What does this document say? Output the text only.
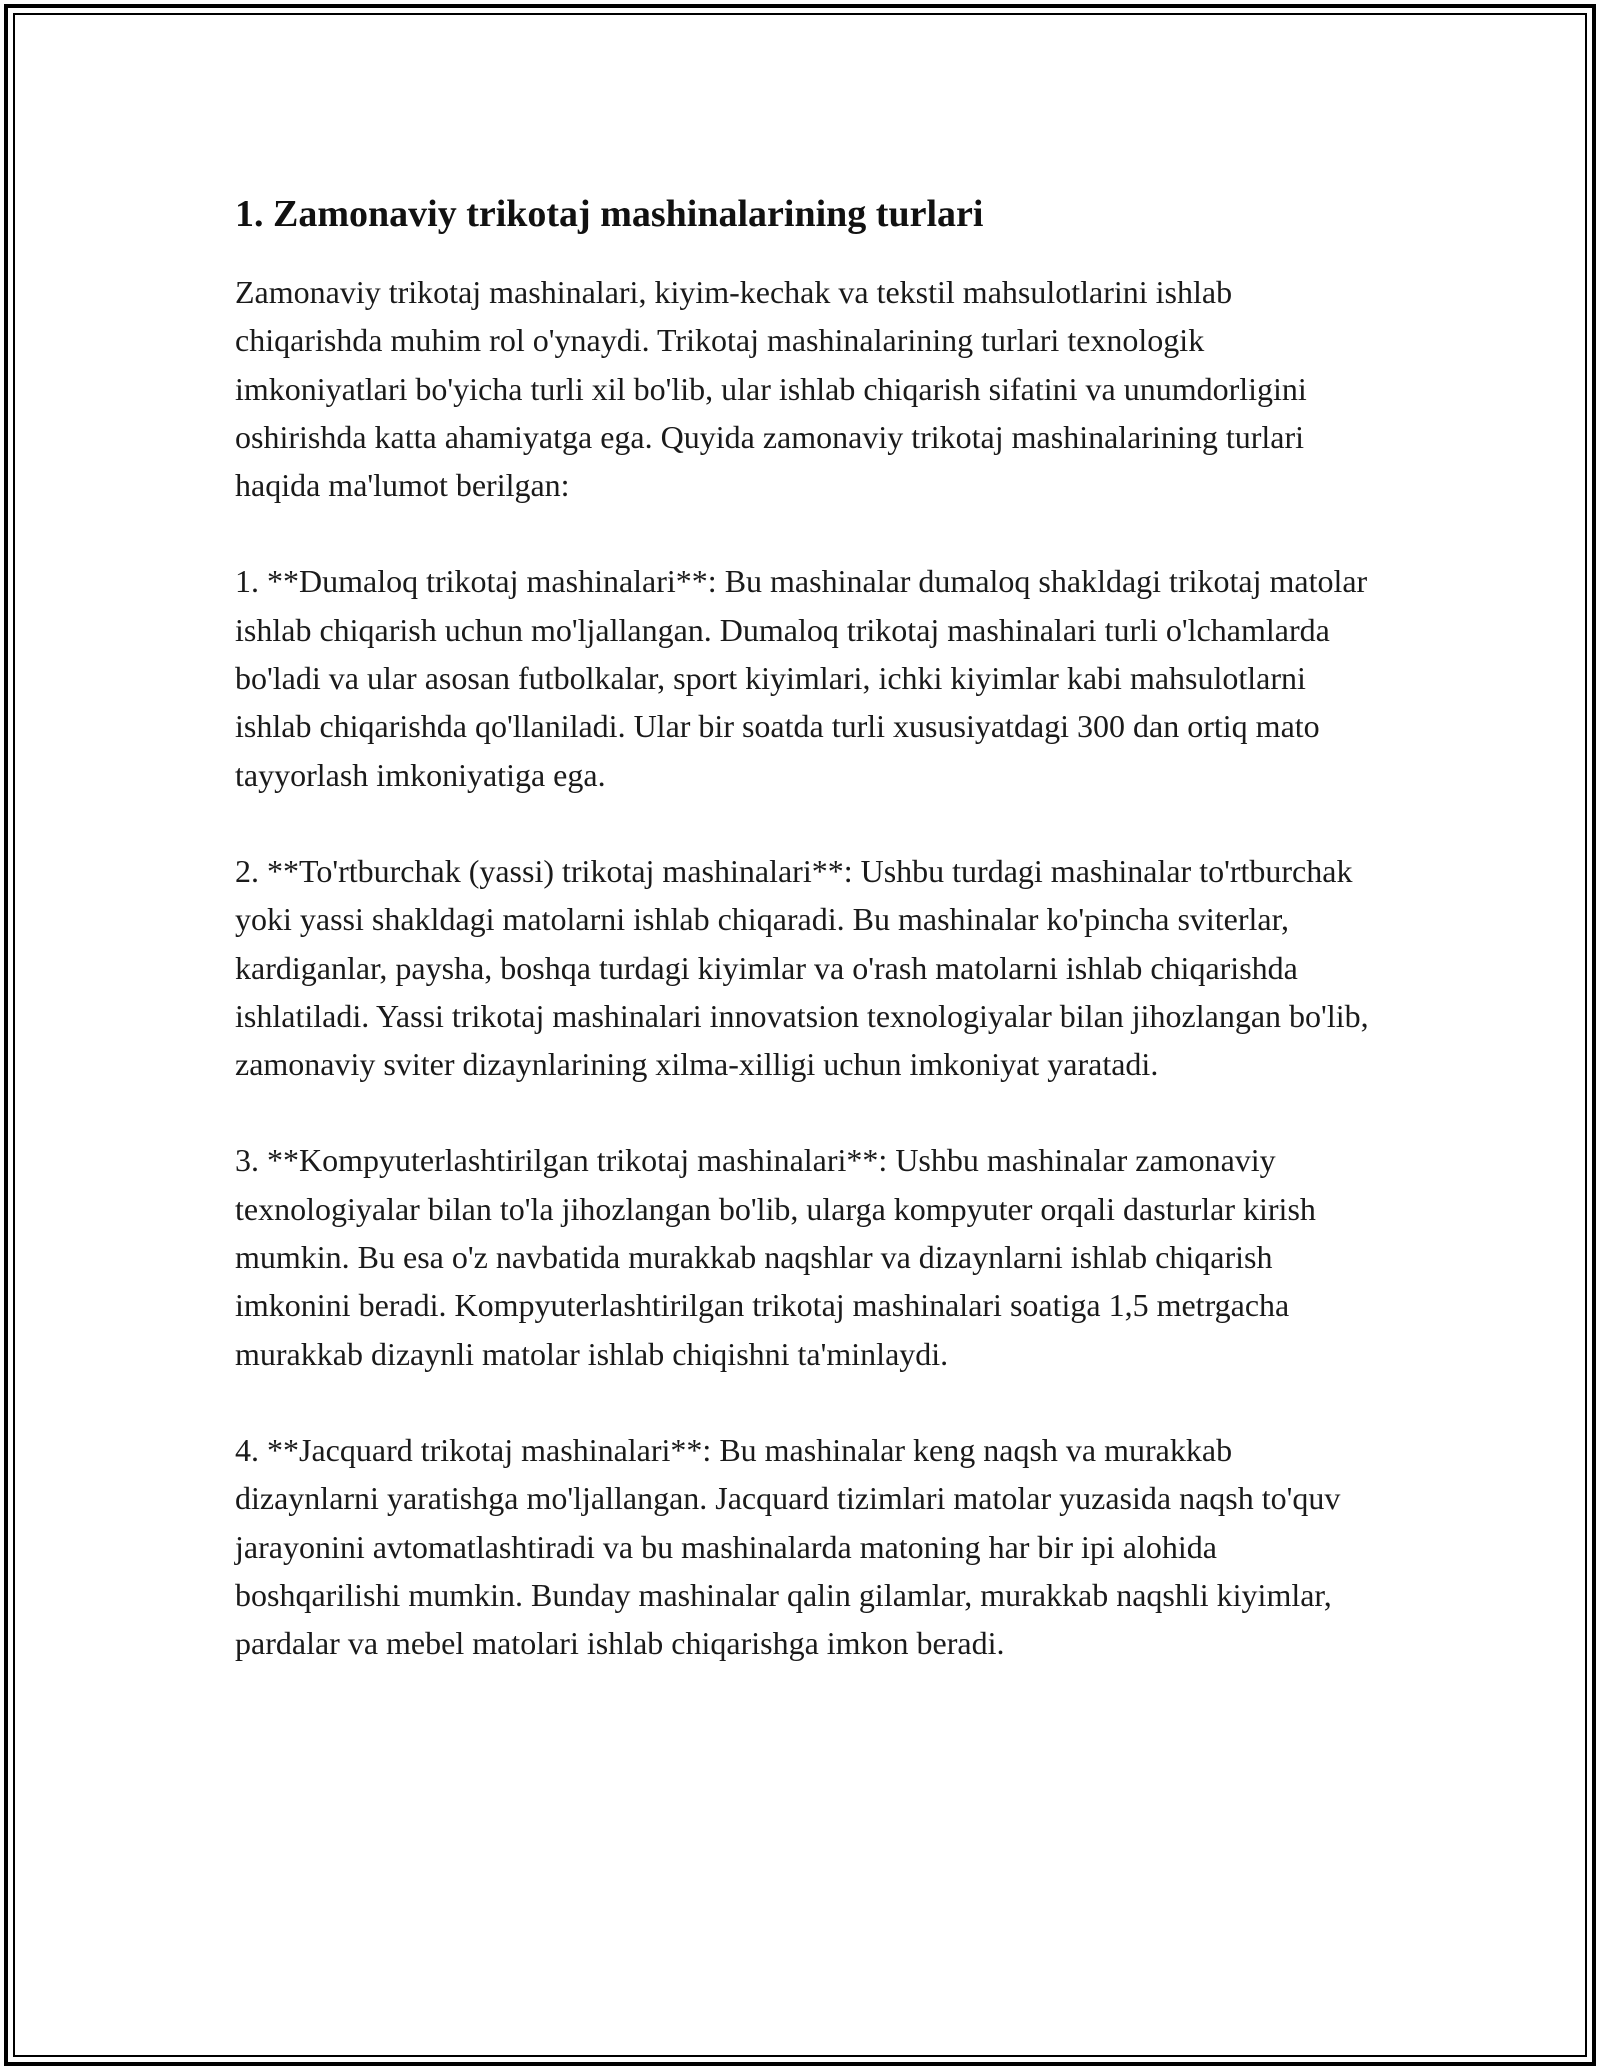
1. Zamonaviy trikotaj mashinalarining turlari

Zamonaviy trikotaj mashinalari, kiyim-kechak va tekstil mahsulotlarini ishlab chiqarishda muhim rol o'ynaydi. Trikotaj mashinalarining turlari texnologik imkoniyatlari bo'yicha turli xil bo'lib, ular ishlab chiqarish sifatini va unumdorligini oshirishda katta ahamiyatga ega. Quyida zamonaviy trikotaj mashinalarining turlari haqida ma'lumot berilgan:

1. **Dumaloq trikotaj mashinalari**: Bu mashinalar dumaloq shakldagi trikotaj matolar ishlab chiqarish uchun mo'ljallangan. Dumaloq trikotaj mashinalari turli o'lchamlarda bo'ladi va ular asosan futbolkalar, sport kiyimlari, ichki kiyimlar kabi mahsulotlarni ishlab chiqarishda qo'llaniladi. Ular bir soatda turli xususiyatdagi 300 dan ortiq mato tayyorlash imkoniyatiga ega.

2. **To'rtburchak (yassi) trikotaj mashinalari**: Ushbu turdagi mashinalar to'rtburchak yoki yassi shakldagi matolarni ishlab chiqaradi. Bu mashinalar ko'pincha sviterlar, kardiganlar, paysha, boshqa turdagi kiyimlar va o'rash matolarni ishlab chiqarishda ishlatiladi. Yassi trikotaj mashinalari innovatsion texnologiyalar bilan jihozlangan bo'lib, zamonaviy sviter dizaynlarining xilma-xilligi uchun imkoniyat yaratadi.

3. **Kompyuterlashtirilgan trikotaj mashinalari**: Ushbu mashinalar zamonaviy texnologiyalar bilan to'la jihozlangan bo'lib, ularga kompyuter orqali dasturlar kirish mumkin. Bu esa o'z navbatida murakkab naqshlar va dizaynlarni ishlab chiqarish imkonini beradi. Kompyuterlashtirilgan trikotaj mashinalari soatiga 1,5 metrgacha murakkab dizaynli matolar ishlab chiqishni ta'minlaydi.

4. **Jacquard trikotaj mashinalari**: Bu mashinalar keng naqsh va murakkab dizaynlarni yaratishga mo'ljallangan. Jacquard tizimlari matolar yuzasida naqsh to'quv jarayonini avtomatlashtiradi va bu mashinalarda matoning har bir ipi alohida boshqarilishi mumkin. Bunday mashinalar qalin gilamlar, murakkab naqshli kiyimlar, pardalar va mebel matolari ishlab chiqarishga imkon beradi.
